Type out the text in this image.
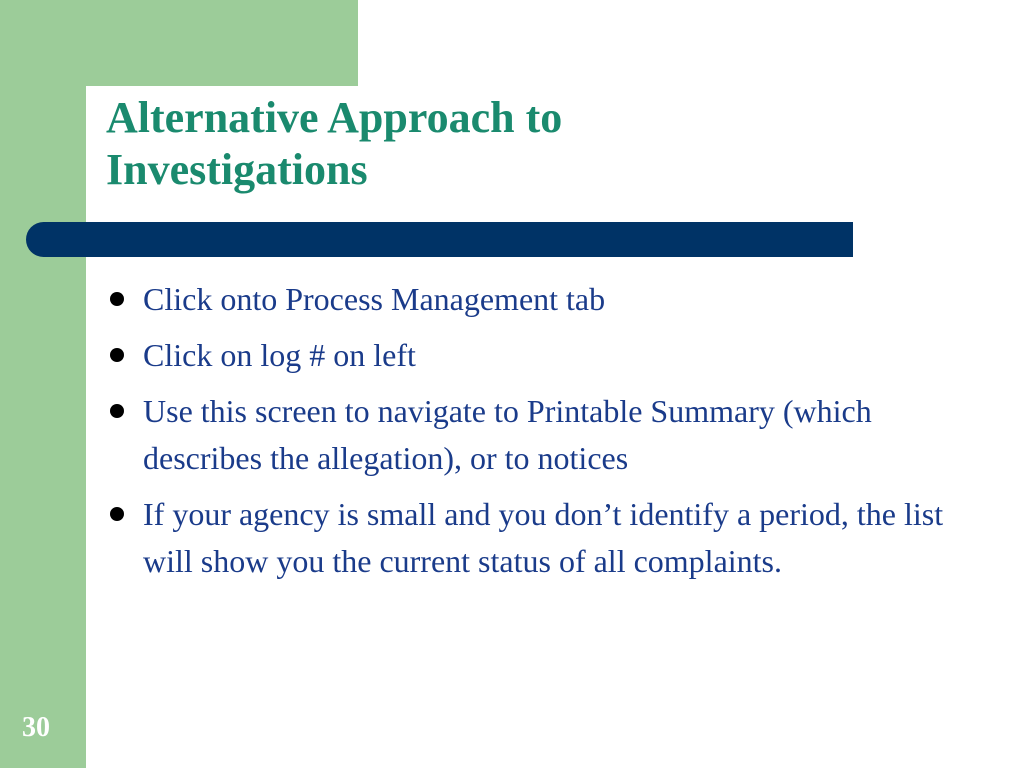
Alternative Approach to
Investigations
Click onto Process Management tab
Click on log # on left
Use this screen to navigate to Printable Summary (which describes the allegation), or to notices
If your agency is small and you don’t identify a period, the list will show you the current status of all complaints.
30
